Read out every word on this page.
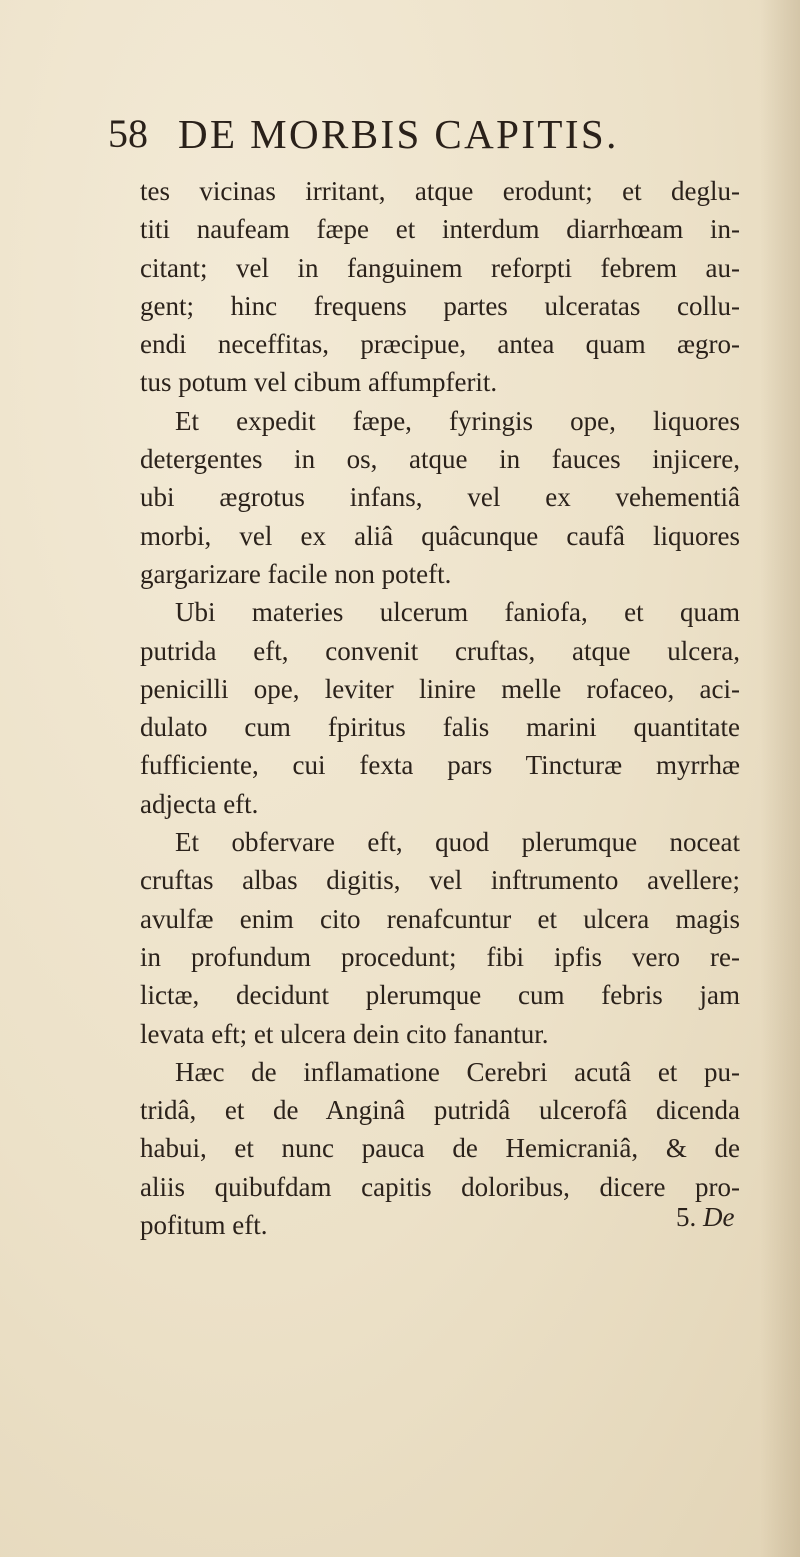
58 DE MORBIS CAPITIS.
tes vicinas irritant, atque erodunt; et deglu-
titi naufeam fæpe et interdum diarrhœam in-
citant; vel in fanguinem reforpti febrem au-
gent; hinc frequens partes ulceratas collu-
endi neceffitas, præcipue, antea quam ægro-
tus potum vel cibum affumpferit.
Et expedit fæpe, fyringis ope, liquores
detergentes in os, atque in fauces injicere,
ubi ægrotus infans, vel ex vehementiâ
morbi, vel ex aliâ quâcunque caufâ liquores
gargarizare facile non poteft.
Ubi materies ulcerum faniofa, et quam
putrida eft, convenit cruftas, atque ulcera,
penicilli ope, leviter linire melle rofaceo, aci-
dulato cum fpiritus falis marini quantitate
fufficiente, cui fexta pars Tincturæ myrrhæ
adjecta eft.
Et obfervare eft, quod plerumque noceat
cruftas albas digitis, vel inftrumento avellere;
avulfæ enim cito renafcuntur et ulcera magis
in profundum procedunt; fibi ipfis vero re-
lictæ, decidunt plerumque cum febris jam
levata eft; et ulcera dein cito fanantur.
Hæc de inflamatione Cerebri acutâ et pu-
tridâ, et de Anginâ putridâ ulcerofâ dicenda
habui, et nunc pauca de Hemicraniâ, & de
aliis quibufdam capitis doloribus, dicere pro-
pofitum eft.	5. De
